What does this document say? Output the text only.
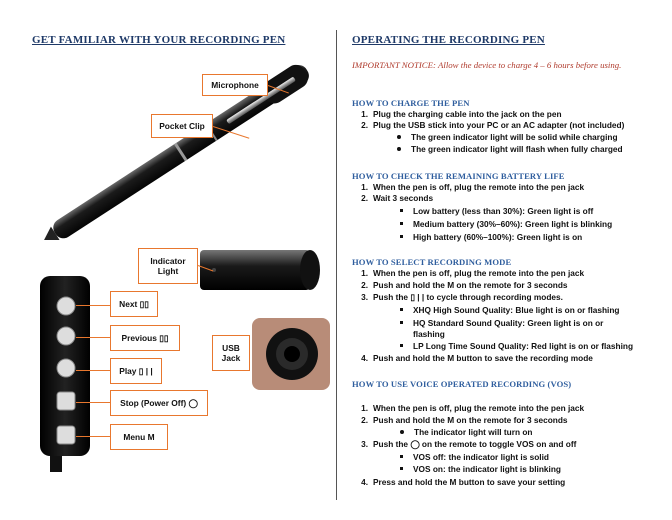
GET FAMILIAR WITH YOUR RECORDING PEN
Microphone
Pocket Clip
Indicator Light
USB Jack
Next ▯▯
Previous ▯▯
Play ▯ | |
Stop (Power Off) ◯
Menu M
OPERATING THE RECORDING PEN
IMPORTANT NOTICE: Allow the device to charge 4 – 6 hours before using.
HOW TO CHARGE THE PEN
1. Plug the charging cable into the jack on the pen
2. Plug the USB stick into your PC or an AC adapter (not included)
The green indicator light will be solid while charging
The green indicator light will flash when fully charged
HOW TO CHECK THE REMAINING BATTERY LIFE
1. When the pen is off, plug the remote into the pen jack
2. Wait 3 seconds
Low battery (less than 30%): Green light is off
Medium battery (30%–60%): Green light is blinking
High battery (60%–100%): Green light is on
HOW TO SELECT RECORDING MODE
1. When the pen is off, plug the remote into the pen jack
2. Push and hold the M on the remote for 3 seconds
3. Push the ▯ | | to cycle through recording modes.
XHQ High Sound Quality: Blue light is on or flashing
HQ Standard Sound Quality: Green light is on or
flashing
LP Long Time Sound Quality: Red light is on or flashing
4. Push and hold the M button to save the recording mode
HOW TO USE VOICE OPERATED RECORDING (VOS)
1. When the pen is off, plug the remote into the pen jack
2. Push and hold the M on the remote for 3 seconds
The indicator light will turn on
3. Push the ◯ on the remote to toggle VOS on and off
VOS off: the indicator light is solid
VOS on: the indicator light is blinking
4. Press and hold the M button to save your setting
